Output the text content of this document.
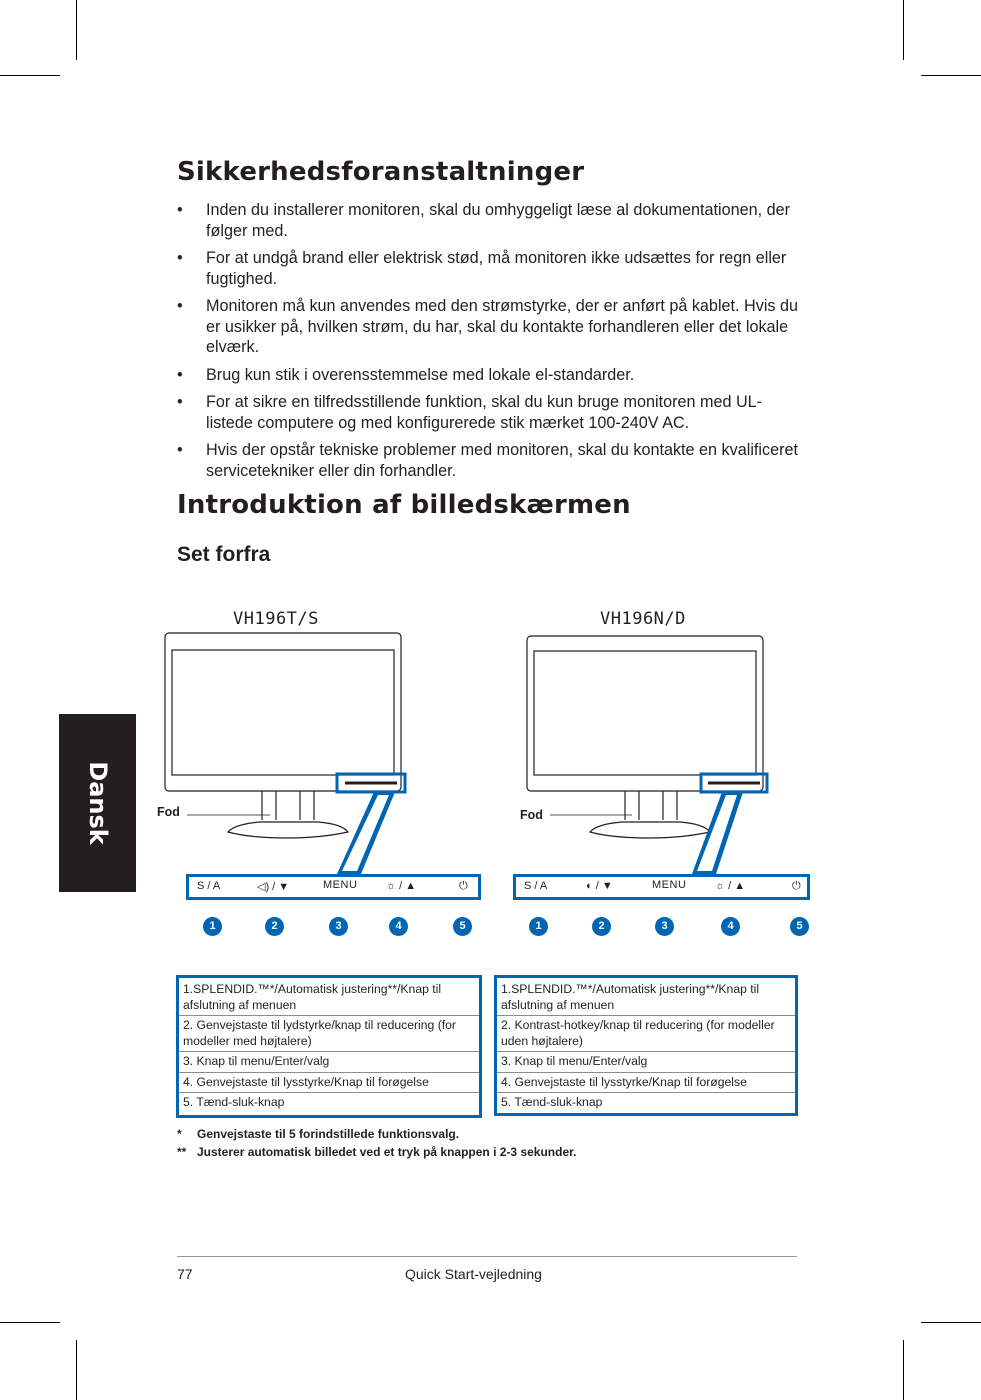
Dansk
Sikkerhedsforanstaltninger
• Inden du installerer monitoren, skal du omhyggeligt læse al dokumentationen, der følger med.
• For at undgå brand eller elektrisk stød, må monitoren ikke udsættes for regn eller fugtighed.
• Monitoren må kun anvendes med den strømstyrke, der er anført på kablet. Hvis du er usikker på, hvilken strøm, du har, skal du kontakte forhandleren eller det lokale elværk.
• Brug kun stik i overensstemmelse med lokale el-standarder.
• For at sikre en tilfredsstillende funktion, skal du kun bruge monitoren med UL-listede computere og med konfigurerede stik mærket 100-240V AC.
• Hvis der opstår tekniske problemer med monitoren, skal du kontakte en kvalificeret servicetekniker eller din forhandler.
Introduktion af billedskærmen
Set forfra
VH196T/S	VH196N/D
Fod	Fod
S / A	◁) / ▼	MENU	☼ / ▲	⏻	S / A	◐ / ▼	MENU	☼ / ▲	⏻
1	2	3	4	5	1	2	3	4	5
1.SPLENDID.™*/Automatisk justering**/Knap til afslutning af menuen
2. Genvejstaste til lydstyrke/knap til reducering (for modeller med højtalere)
3. Knap til menu/Enter/valg
4. Genvejstaste til lysstyrke/Knap til forøgelse
5. Tænd-sluk-knap
1.SPLENDID.™*/Automatisk justering**/Knap til afslutning af menuen
2. Kontrast-hotkey/knap til reducering (for modeller uden højtalere)
3. Knap til menu/Enter/valg
4. Genvejstaste til lysstyrke/Knap til forøgelse
5. Tænd-sluk-knap
* Genvejstaste til 5 forindstillede funktionsvalg.
** Justerer automatisk billedet ved et tryk på knappen i 2-3 sekunder.
77	Quick Start-vejledning
